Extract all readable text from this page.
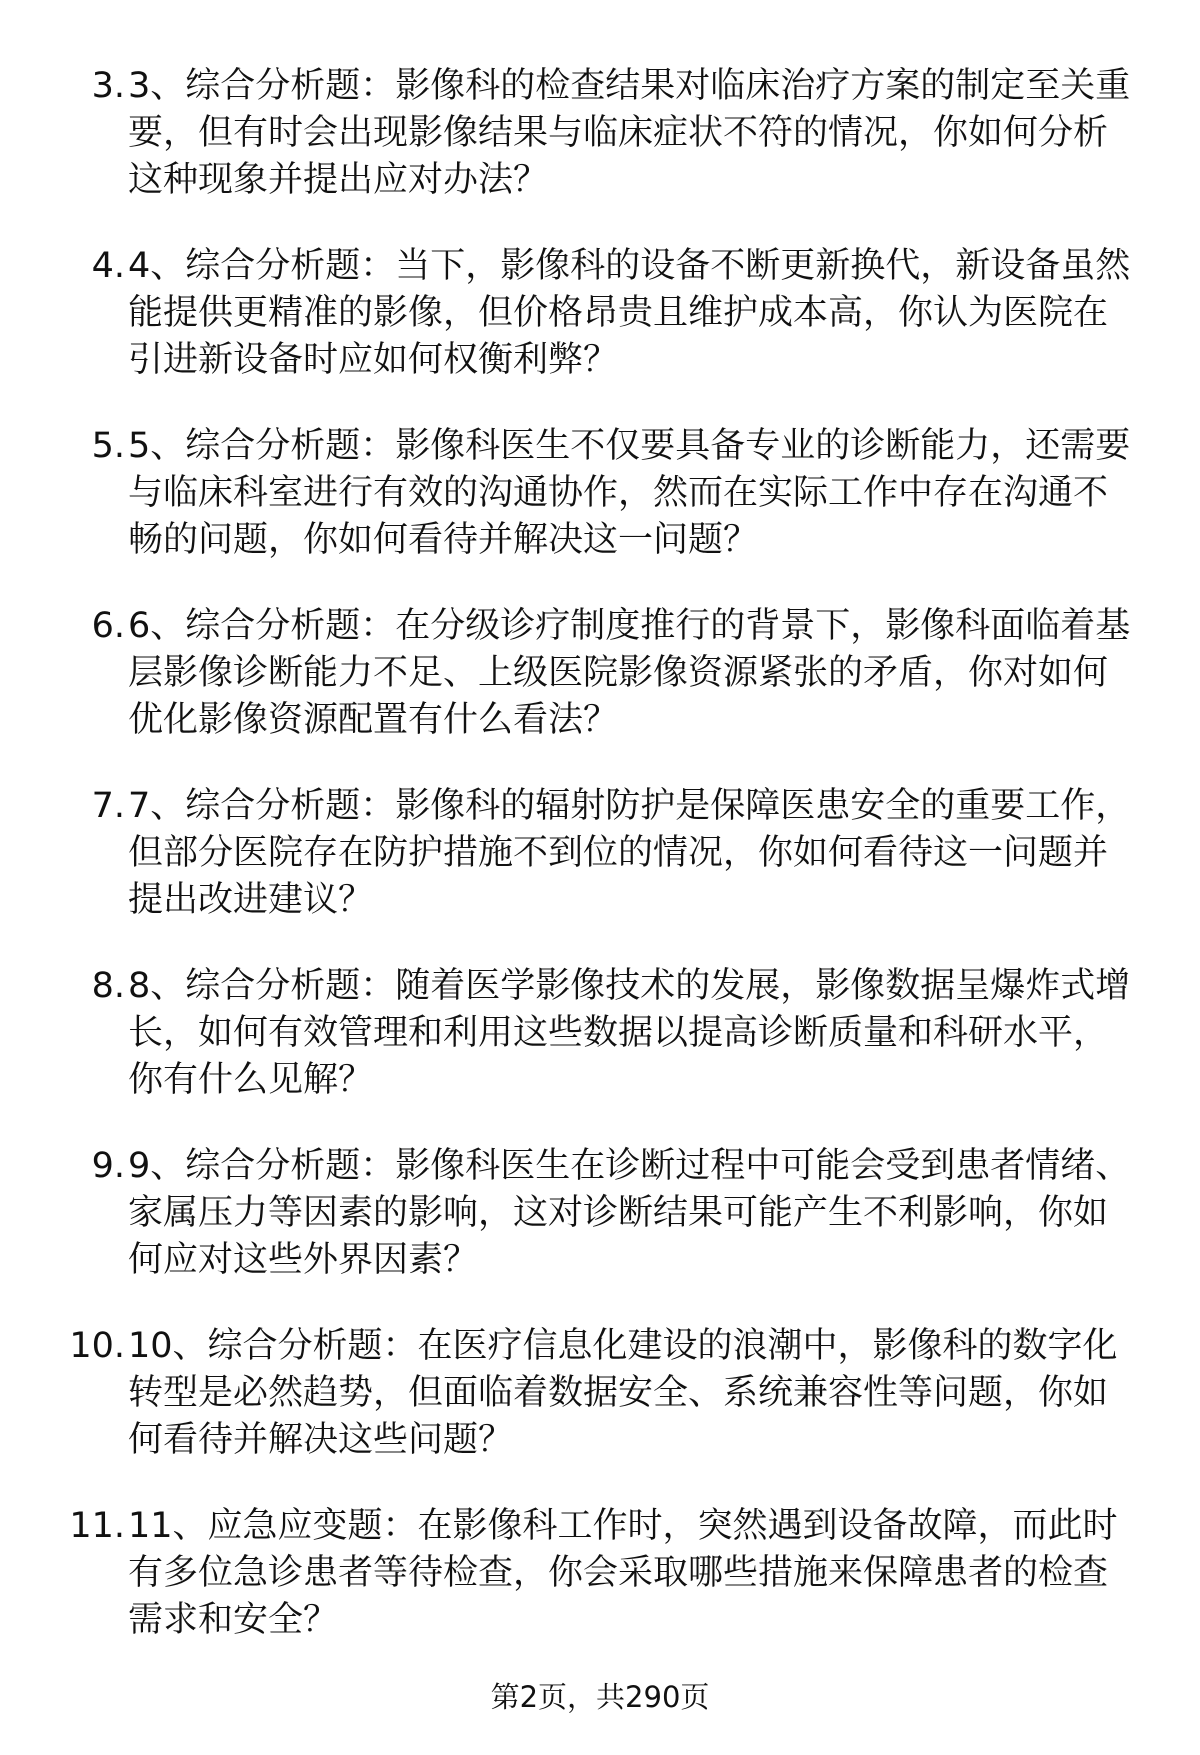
3. 3、综合分析题：影像科的检查结果对临床治疗方案的制定至关重
要，但有时会出现影像结果与临床症状不符的情况，你如何分析
这种现象并提出应对办法？
4. 4、综合分析题：当下，影像科的设备不断更新换代，新设备虽然
能提供更精准的影像，但价格昂贵且维护成本高，你认为医院在
引进新设备时应如何权衡利弊？
5. 5、综合分析题：影像科医生不仅要具备专业的诊断能力，还需要
与临床科室进行有效的沟通协作，然而在实际工作中存在沟通不
畅的问题，你如何看待并解决这一问题？
6. 6、综合分析题：在分级诊疗制度推行的背景下，影像科面临着基
层影像诊断能力不足、上级医院影像资源紧张的矛盾，你对如何
优化影像资源配置有什么看法？
7. 7、综合分析题：影像科的辐射防护是保障医患安全的重要工作，
但部分医院存在防护措施不到位的情况，你如何看待这一问题并
提出改进建议？
8. 8、综合分析题：随着医学影像技术的发展，影像数据呈爆炸式增
长，如何有效管理和利用这些数据以提高诊断质量和科研水平，
你有什么见解？
9. 9、综合分析题：影像科医生在诊断过程中可能会受到患者情绪、
家属压力等因素的影响，这对诊断结果可能产生不利影响，你如
何应对这些外界因素？
10. 10、综合分析题：在医疗信息化建设的浪潮中，影像科的数字化
转型是必然趋势，但面临着数据安全、系统兼容性等问题，你如
何看待并解决这些问题？
11. 11、应急应变题：在影像科工作时，突然遇到设备故障，而此时
有多位急诊患者等待检查，你会采取哪些措施来保障患者的检查
需求和安全？
第2页，共290页
